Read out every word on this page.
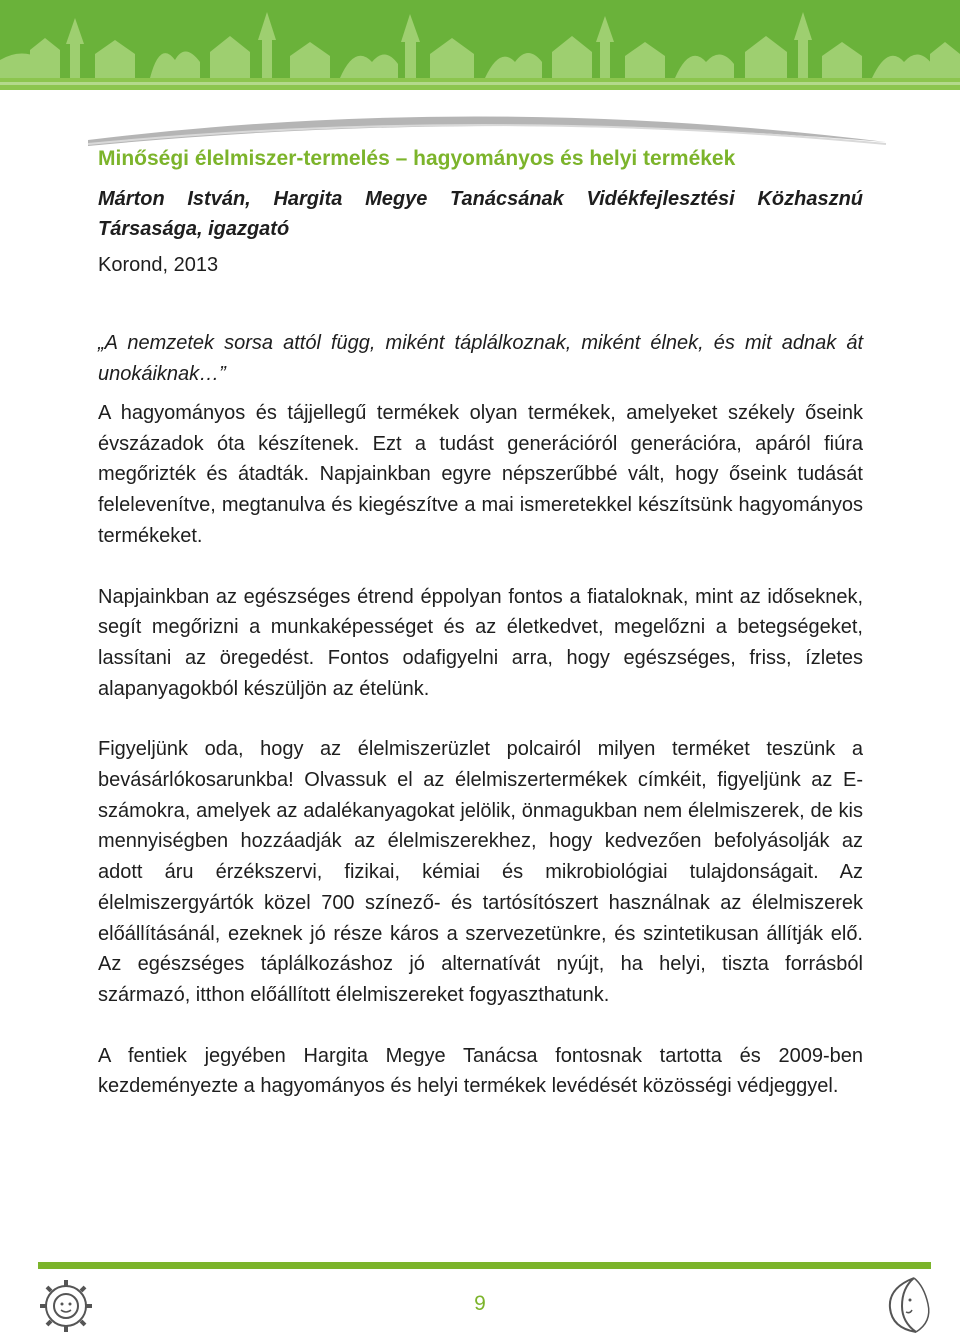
Minőségi élelmiszer-termelés – hagyományos és helyi termékek

Márton István, Hargita Megye Tanácsának Vidékfejlesztési Közhasznú Társasága, igazgató

Korond, 2013

„A nemzetek sorsa attól függ, miként táplálkoznak, miként élnek, és mit adnak át unokáiknak…”

A hagyományos és tájjellegű termékek olyan termékek, amelyeket székely őseink évszázadok óta készítenek. Ezt a tudást generációról generációra, apáról fiúra megőrizték és átadták. Napjainkban egyre népszerűbbé vált, hogy őseink tudását felelevenítve, megtanulva és kiegészítve a mai ismeretekkel készítsünk hagyományos termékeket.

Napjainkban az egészséges étrend éppolyan fontos a fiataloknak, mint az időseknek, segít megőrizni a munkaképességet és az életkedvet, megelőzni a betegségeket, lassítani az öregedést. Fontos odafigyelni arra, hogy egészséges, friss, ízletes alapanyagokból készüljön az ételünk.

Figyeljünk oda, hogy az élelmiszerüzlet polcairól milyen terméket teszünk a bevásárlókosarunkba! Olvassuk el az élelmiszertermékek címkéit, figyeljünk az E-számokra, amelyek az adalékanyagokat jelölik, önmagukban nem élelmiszerek, de kis mennyiségben hozzáadják az élelmiszerekhez, hogy kedvezően befolyásolják az adott áru érzékszervi, fizikai, kémiai és mikrobiológiai tulajdonságait. Az élelmiszergyártók közel 700 színező- és tartósítószert használnak az élelmiszerek előállításánál, ezeknek jó része káros a szervezetünkre, és szintetikusan állítják elő. Az egészséges táplálkozáshoz jó alternatívát nyújt, ha helyi, tiszta forrásból származó, itthon előállított élelmiszereket fogyaszthatunk.

A fentiek jegyében Hargita Megye Tanácsa fontosnak tartotta és 2009-ben kezdeményezte a hagyományos és helyi termékek levédését közösségi védjeggyel.

9
